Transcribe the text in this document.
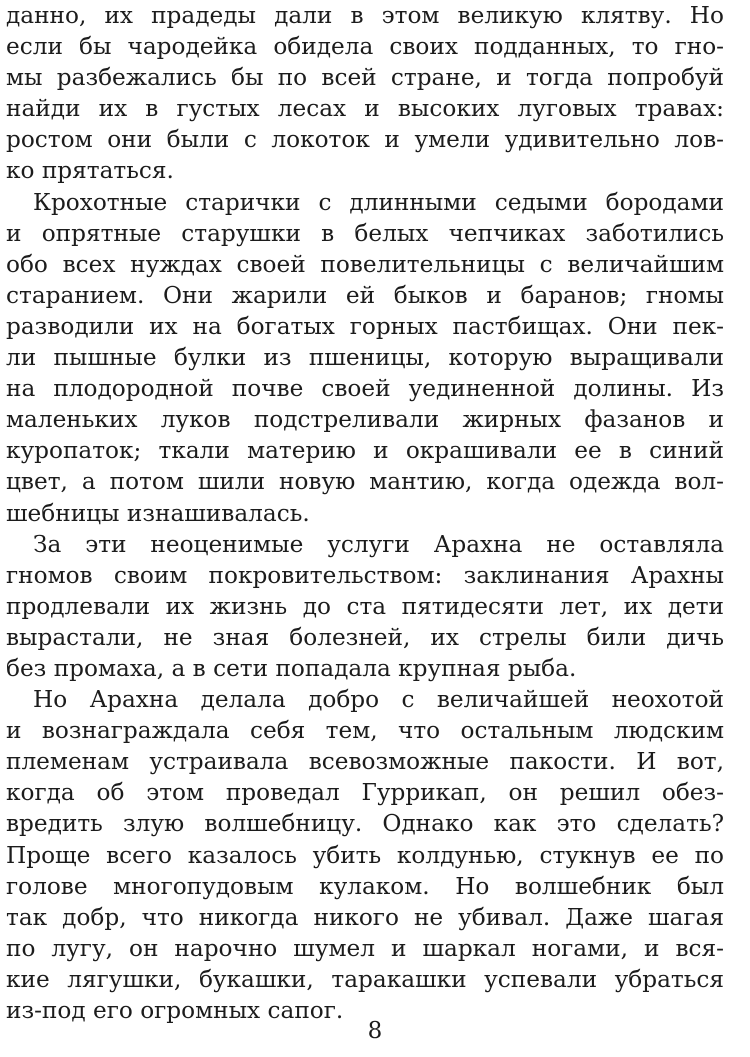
данно, их прадеды дали в этом великую клятву. Но
если бы чародейка обидела своих подданных, то гно-
мы разбежались бы по всей стране, и тогда попробуй
найди их в густых лесах и высоких луговых травах:
ростом они были с локоток и умели удивительно лов-
ко прятаться.
Крохотные старички с длинными седыми бородами
и опрятные старушки в белых чепчиках заботились
обо всех нуждах своей повелительницы с величайшим
старанием. Они жарили ей быков и баранов; гномы
разводили их на богатых горных пастбищах. Они пек-
ли пышные булки из пшеницы, которую выращивали
на плодородной почве своей уединенной долины. Из
маленьких луков подстреливали жирных фазанов и
куропаток; ткали материю и окрашивали ее в синий
цвет, а потом шили новую мантию, когда одежда вол-
шебницы изнашивалась.
За эти неоценимые услуги Арахна не оставляла
гномов своим покровительством: заклинания Арахны
продлевали их жизнь до ста пятидесяти лет, их дети
вырастали, не зная болезней, их стрелы били дичь
без промаха, а в сети попадала крупная рыба.
Но Арахна делала добро с величайшей неохотой
и вознаграждала себя тем, что остальным людским
племенам устраивала всевозможные пакости. И вот,
когда об этом проведал Гуррикап, он решил обез-
вредить злую волшебницу. Однако как это сделать?
Проще всего казалось убить колдунью, стукнув ее по
голове многопудовым кулаком. Но волшебник был
так добр, что никогда никого не убивал. Даже шагая
по лугу, он нарочно шумел и шаркал ногами, и вся-
кие лягушки, букашки, таракашки успевали убраться
из-под его огромных сапог.
8
